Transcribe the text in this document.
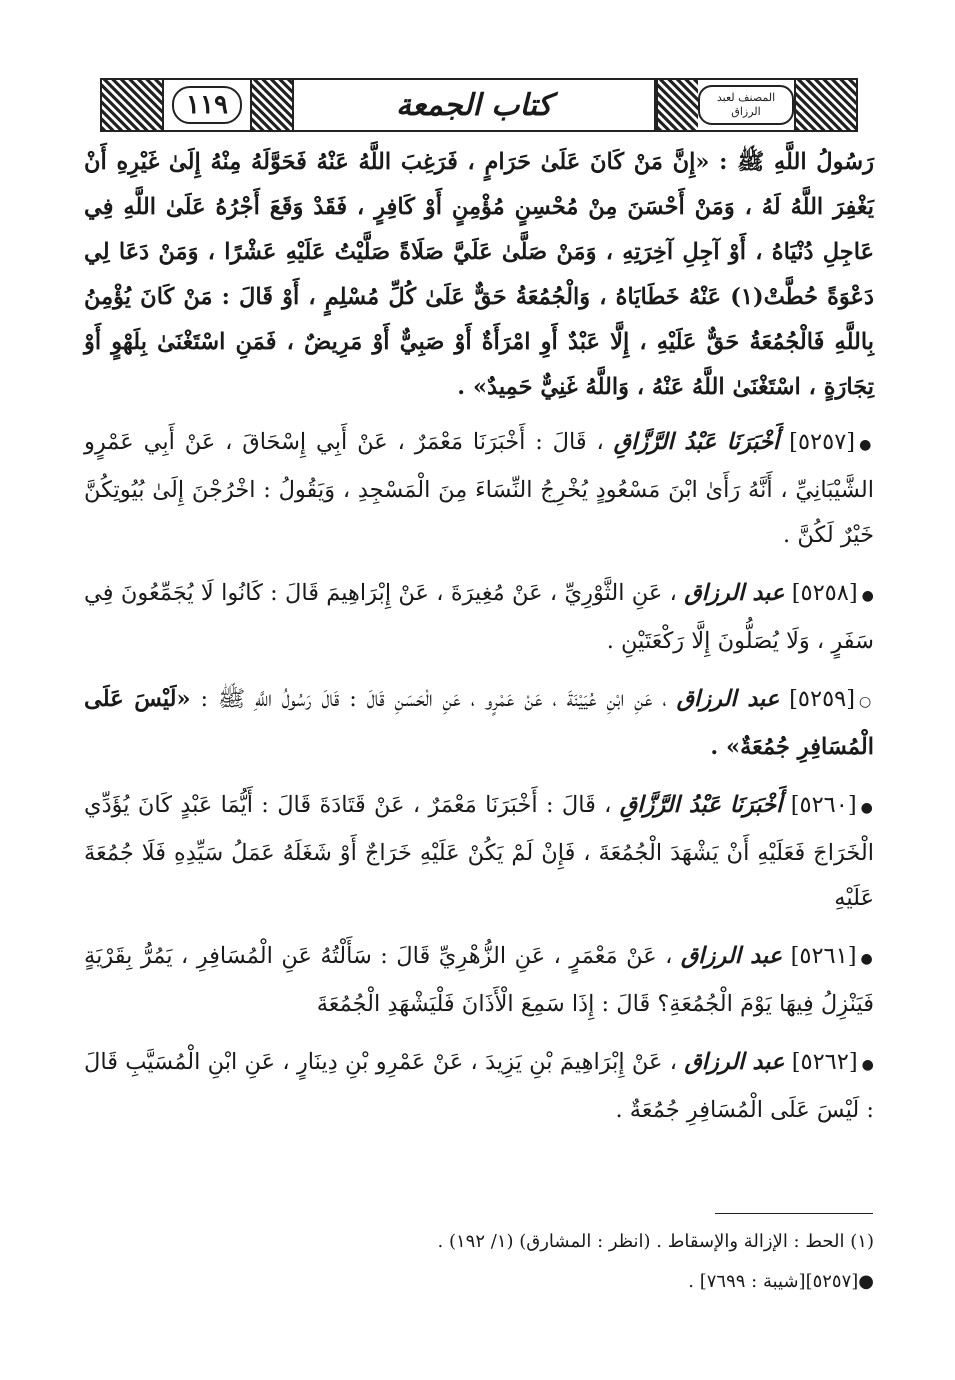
١١٩	كتاب الجمعة	المصنف لعبد الرزاق

رَسُولُ اللَّهِ ﷺ : «إِنَّ مَنْ كَانَ عَلَىٰ حَرَامٍ ، فَرَغِبَ اللَّهُ عَنْهُ فَحَوَّلَهُ مِنْهُ إِلَىٰ غَيْرِهِ أَنْ يَغْفِرَ اللَّهُ لَهُ ، وَمَنْ أَحْسَنَ مِنْ مُحْسِنٍ مُؤْمِنٍ أَوْ كَافِرٍ ، فَقَدْ وَقَعَ أَجْرُهُ عَلَىٰ اللَّهِ فِي عَاجِلِ دُنْيَاهُ ، أَوْ آجِلِ آخِرَتِهِ ، وَمَنْ صَلَّىٰ عَلَيَّ صَلَاةً صَلَّيْتُ عَلَيْهِ عَشْرًا ، وَمَنْ دَعَا لِي دَعْوَةً حُطَّتْ(١) عَنْهُ خَطَايَاهُ ، وَالْجُمُعَةُ حَقٌّ عَلَىٰ كُلِّ مُسْلِمٍ ، أَوْ قَالَ : مَنْ كَانَ يُؤْمِنُ بِاللَّهِ فَالْجُمُعَةُ حَقٌّ عَلَيْهِ ، إِلَّا عَبْدٌ أَوِ امْرَأَةٌ أَوْ صَبِيٌّ أَوْ مَرِيضٌ ، فَمَنِ اسْتَغْنَىٰ بِلَهْوٍ أَوْ تِجَارَةٍ ، اسْتَغْنَىٰ اللَّهُ عَنْهُ ، وَاللَّهُ غَنِيٌّ حَمِيدٌ» .

●[٥٢٥٧] أَخْبَرَنَا عَبْدُ الرَّزَّاقِ ، قَالَ : أَخْبَرَنَا مَعْمَرٌ ، عَنْ أَبِي إِسْحَاقَ ، عَنْ أَبِي عَمْرٍو الشَّيْبَانِيِّ ، أَنَّهُ رَأَىٰ ابْنَ مَسْعُودٍ يُخْرِجُ النِّسَاءَ مِنَ الْمَسْجِدِ ، وَيَقُولُ : اخْرُجْنَ إِلَىٰ بُيُوتِكُنَّ خَيْرٌ لَكُنَّ .

●[٥٢٥٨] عبد الرزاق ، عَنِ الثَّوْرِيِّ ، عَنْ مُغِيرَةَ ، عَنْ إِبْرَاهِيمَ قَالَ : كَانُوا لَا يُجَمِّعُونَ فِي سَفَرٍ ، وَلَا يُصَلُّونَ إِلَّا رَكْعَتَيْنِ .

○[٥٢٥٩] عبد الرزاق ، عَنِ ابْنِ عُيَيْنَةَ ، عَنْ عَمْرٍو ، عَنِ الْحَسَنِ قَالَ : قَالَ رَسُولُ اللَّهِ ﷺ : «لَيْسَ عَلَى الْمُسَافِرِ جُمُعَةٌ» .

●[٥٢٦٠] أَخْبَرَنَا عَبْدُ الرَّزَّاقِ ، قَالَ : أَخْبَرَنَا مَعْمَرٌ ، عَنْ قَتَادَةَ قَالَ : أَيُّمَا عَبْدٍ كَانَ يُؤَدِّي الْخَرَاجَ فَعَلَيْهِ أَنْ يَشْهَدَ الْجُمُعَةَ ، فَإِنْ لَمْ يَكُنْ عَلَيْهِ خَرَاجٌ أَوْ شَغَلَهُ عَمَلُ سَيِّدِهِ فَلَا جُمُعَةَ عَلَيْهِ

●[٥٢٦١] عبد الرزاق ، عَنْ مَعْمَرٍ ، عَنِ الزُّهْرِيِّ قَالَ : سَأَلْتُهُ عَنِ الْمُسَافِرِ ، يَمُرُّ بِقَرْيَةٍ فَيَنْزِلُ فِيهَا يَوْمَ الْجُمُعَةِ؟ قَالَ : إِذَا سَمِعَ الْأَذَانَ فَلْيَشْهَدِ الْجُمُعَةَ

●[٥٢٦٢] عبد الرزاق ، عَنْ إِبْرَاهِيمَ بْنِ يَزِيدَ ، عَنْ عَمْرِو بْنِ دِينَارٍ ، عَنِ ابْنِ الْمُسَيَّبِ قَالَ : لَيْسَ عَلَى الْمُسَافِرِ جُمُعَةٌ .

(١) الحط : الإزالة والإسقاط . (انظر : المشارق) (١/ ١٩٢) .
●[٥٢٥٧][شيبة : ٧٦٩٩] .
